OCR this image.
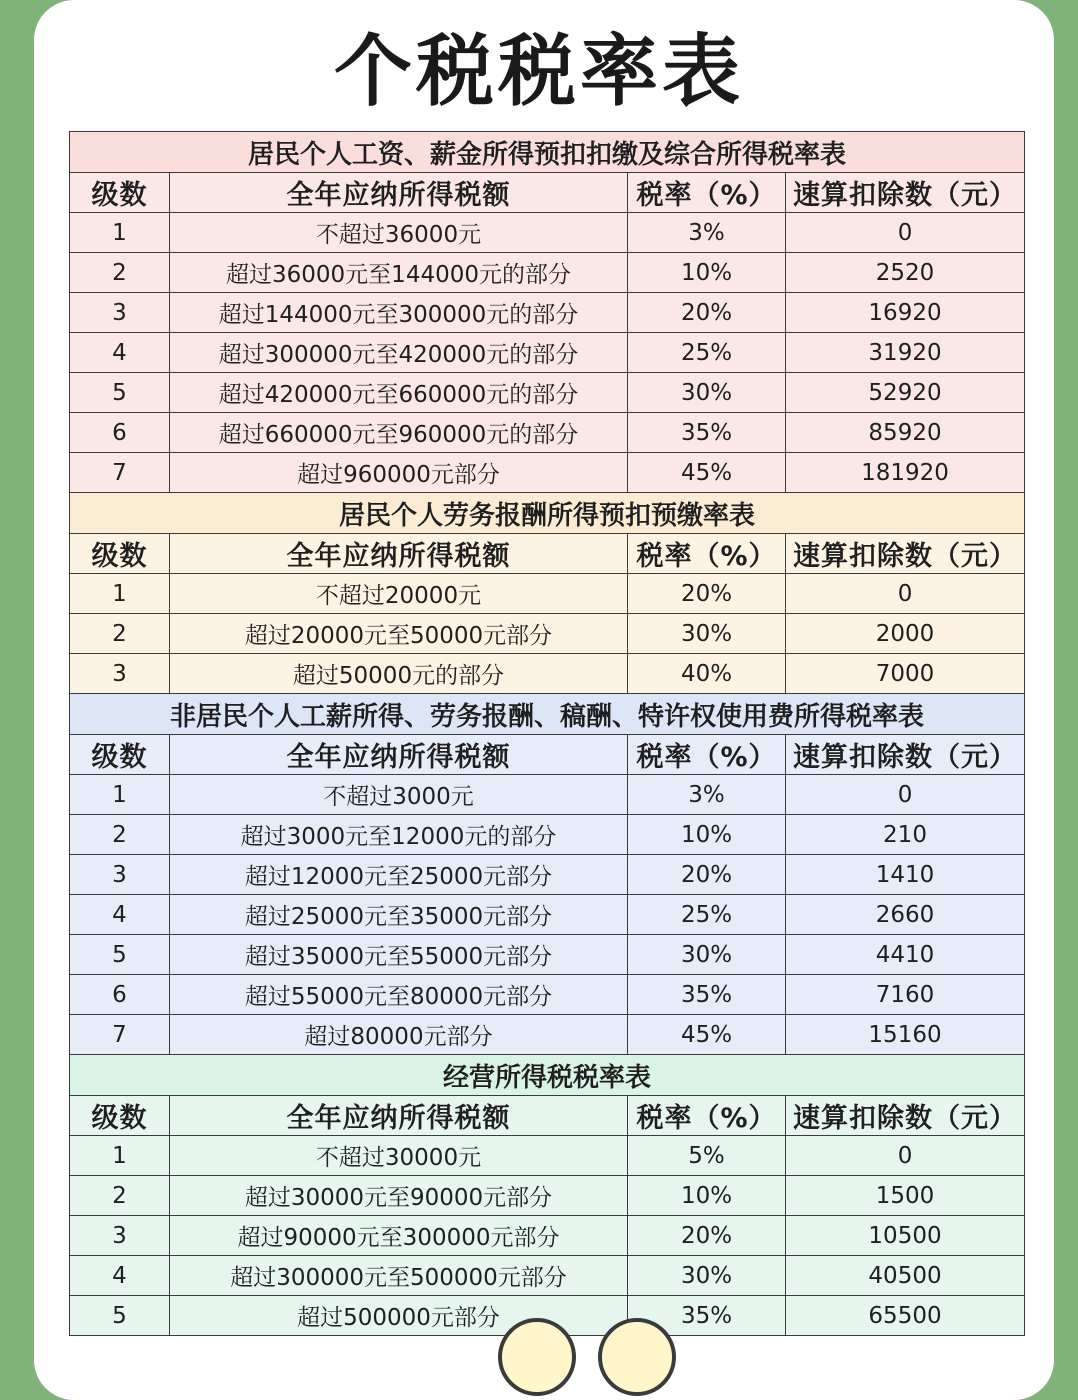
个税税率表
居民个人工资、薪金所得预扣扣缴及综合所得税率表			
级数	全年应纳所得税额	税率（%）	速算扣除数（元）
1	不超过36000元	3%	0
2	超过36000元至144000元的部分	10%	2520
3	超过144000元至300000元的部分	20%	16920
4	超过300000元至420000元的部分	25%	31920
5	超过420000元至660000元的部分	30%	52920
6	超过660000元至960000元的部分	35%	85920
7	超过960000元部分	45%	181920
居民个人劳务报酬所得预扣预缴率表			
级数	全年应纳所得税额	税率（%）	速算扣除数（元）
1	不超过20000元	20%	0
2	超过20000元至50000元部分	30%	2000
3	超过50000元的部分	40%	7000
非居民个人工薪所得、劳务报酬、稿酬、特许权使用费所得税率表			
级数	全年应纳所得税额	税率（%）	速算扣除数（元）
1	不超过3000元	3%	0
2	超过3000元至12000元的部分	10%	210
3	超过12000元至25000元部分	20%	1410
4	超过25000元至35000元部分	25%	2660
5	超过35000元至55000元部分	30%	4410
6	超过55000元至80000元部分	35%	7160
7	超过80000元部分	45%	15160
经营所得税税率表			
级数	全年应纳所得税额	税率（%）	速算扣除数（元）
1	不超过30000元	5%	0
2	超过30000元至90000元部分	10%	1500
3	超过90000元至300000元部分	20%	10500
4	超过300000元至500000元部分	30%	40500
5	超过500000元部分	35%	65500
